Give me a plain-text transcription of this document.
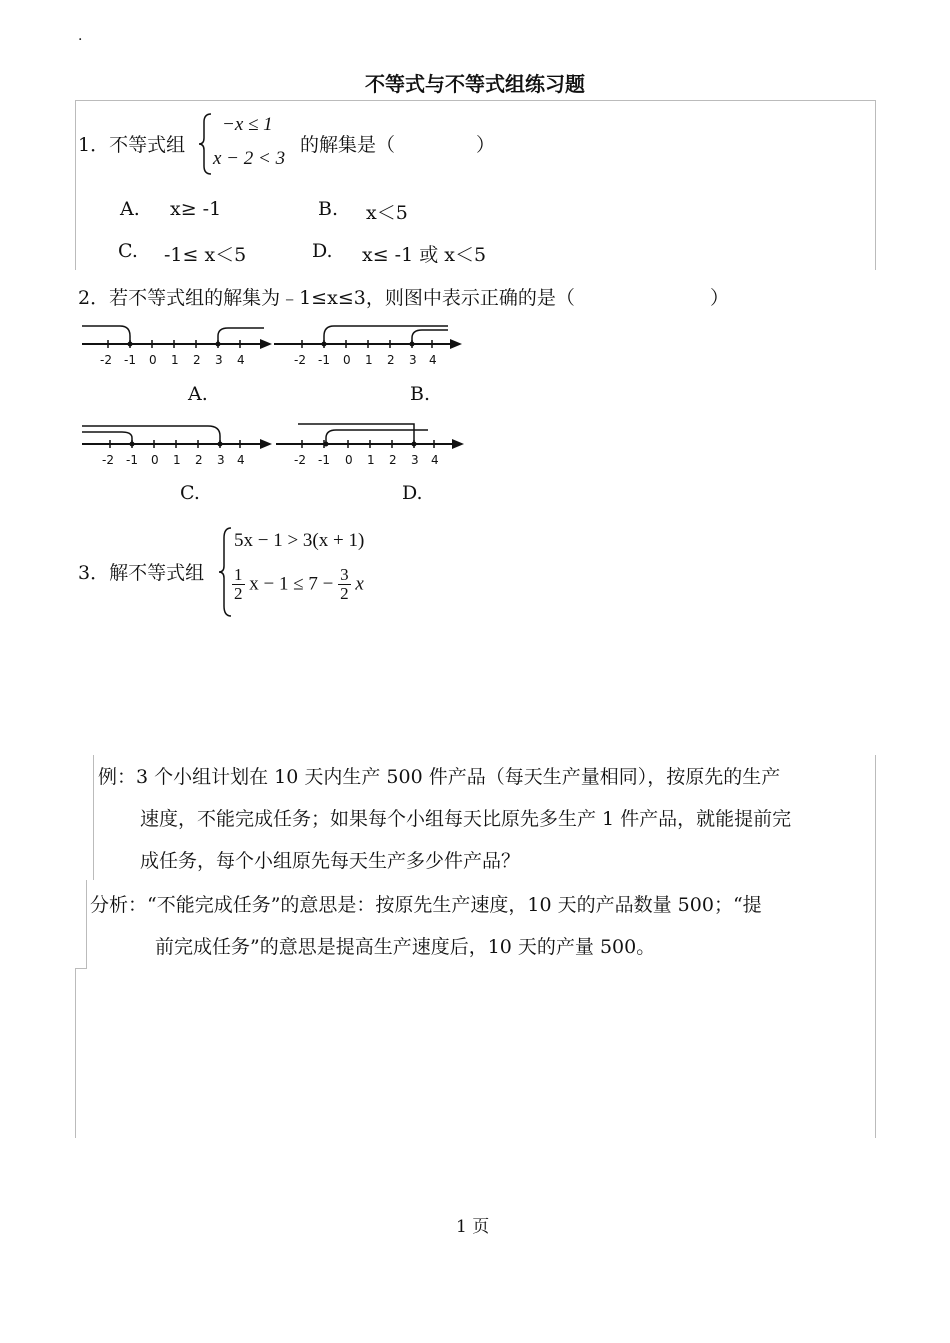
·
不等式与不等式组练习题
1．不等式组
−x ≤ 1
x − 2 < 3
的解集是（	）
A. x≥ -1	B. x＜5
C. -1≤ x＜5	D. x≤ -1 或 x＜5
2．若不等式组的解集为﹣1≤x≤3，则图中表示正确的是（	）
-2 -1 0 1 2 3 4	-2 -1 0 1 2 3 4
A.	B.
-2 -1 0 1 2 3 4	-2 -1 0 1 2 3 4
C.	D.
3．解不等式组
5x − 1 > 3(x + 1)
$\frac{1}{2}$ $x - 1 \le 7 - \frac{3}{2}$ x
例：3 个小组计划在 10 天内生产 500 件产品（每天生产量相同），按原先的生产
速度，不能完成任务；如果每个小组每天比原先多生产 1 件产品，就能提前完
成任务，每个小组原先每天生产多少件产品？
分析：“不能完成任务”的意思是：按原先生产速度，10 天的产品数量 500；“提
前完成任务”的意思是提高生产速度后，10 天的产量 500。
1 页
